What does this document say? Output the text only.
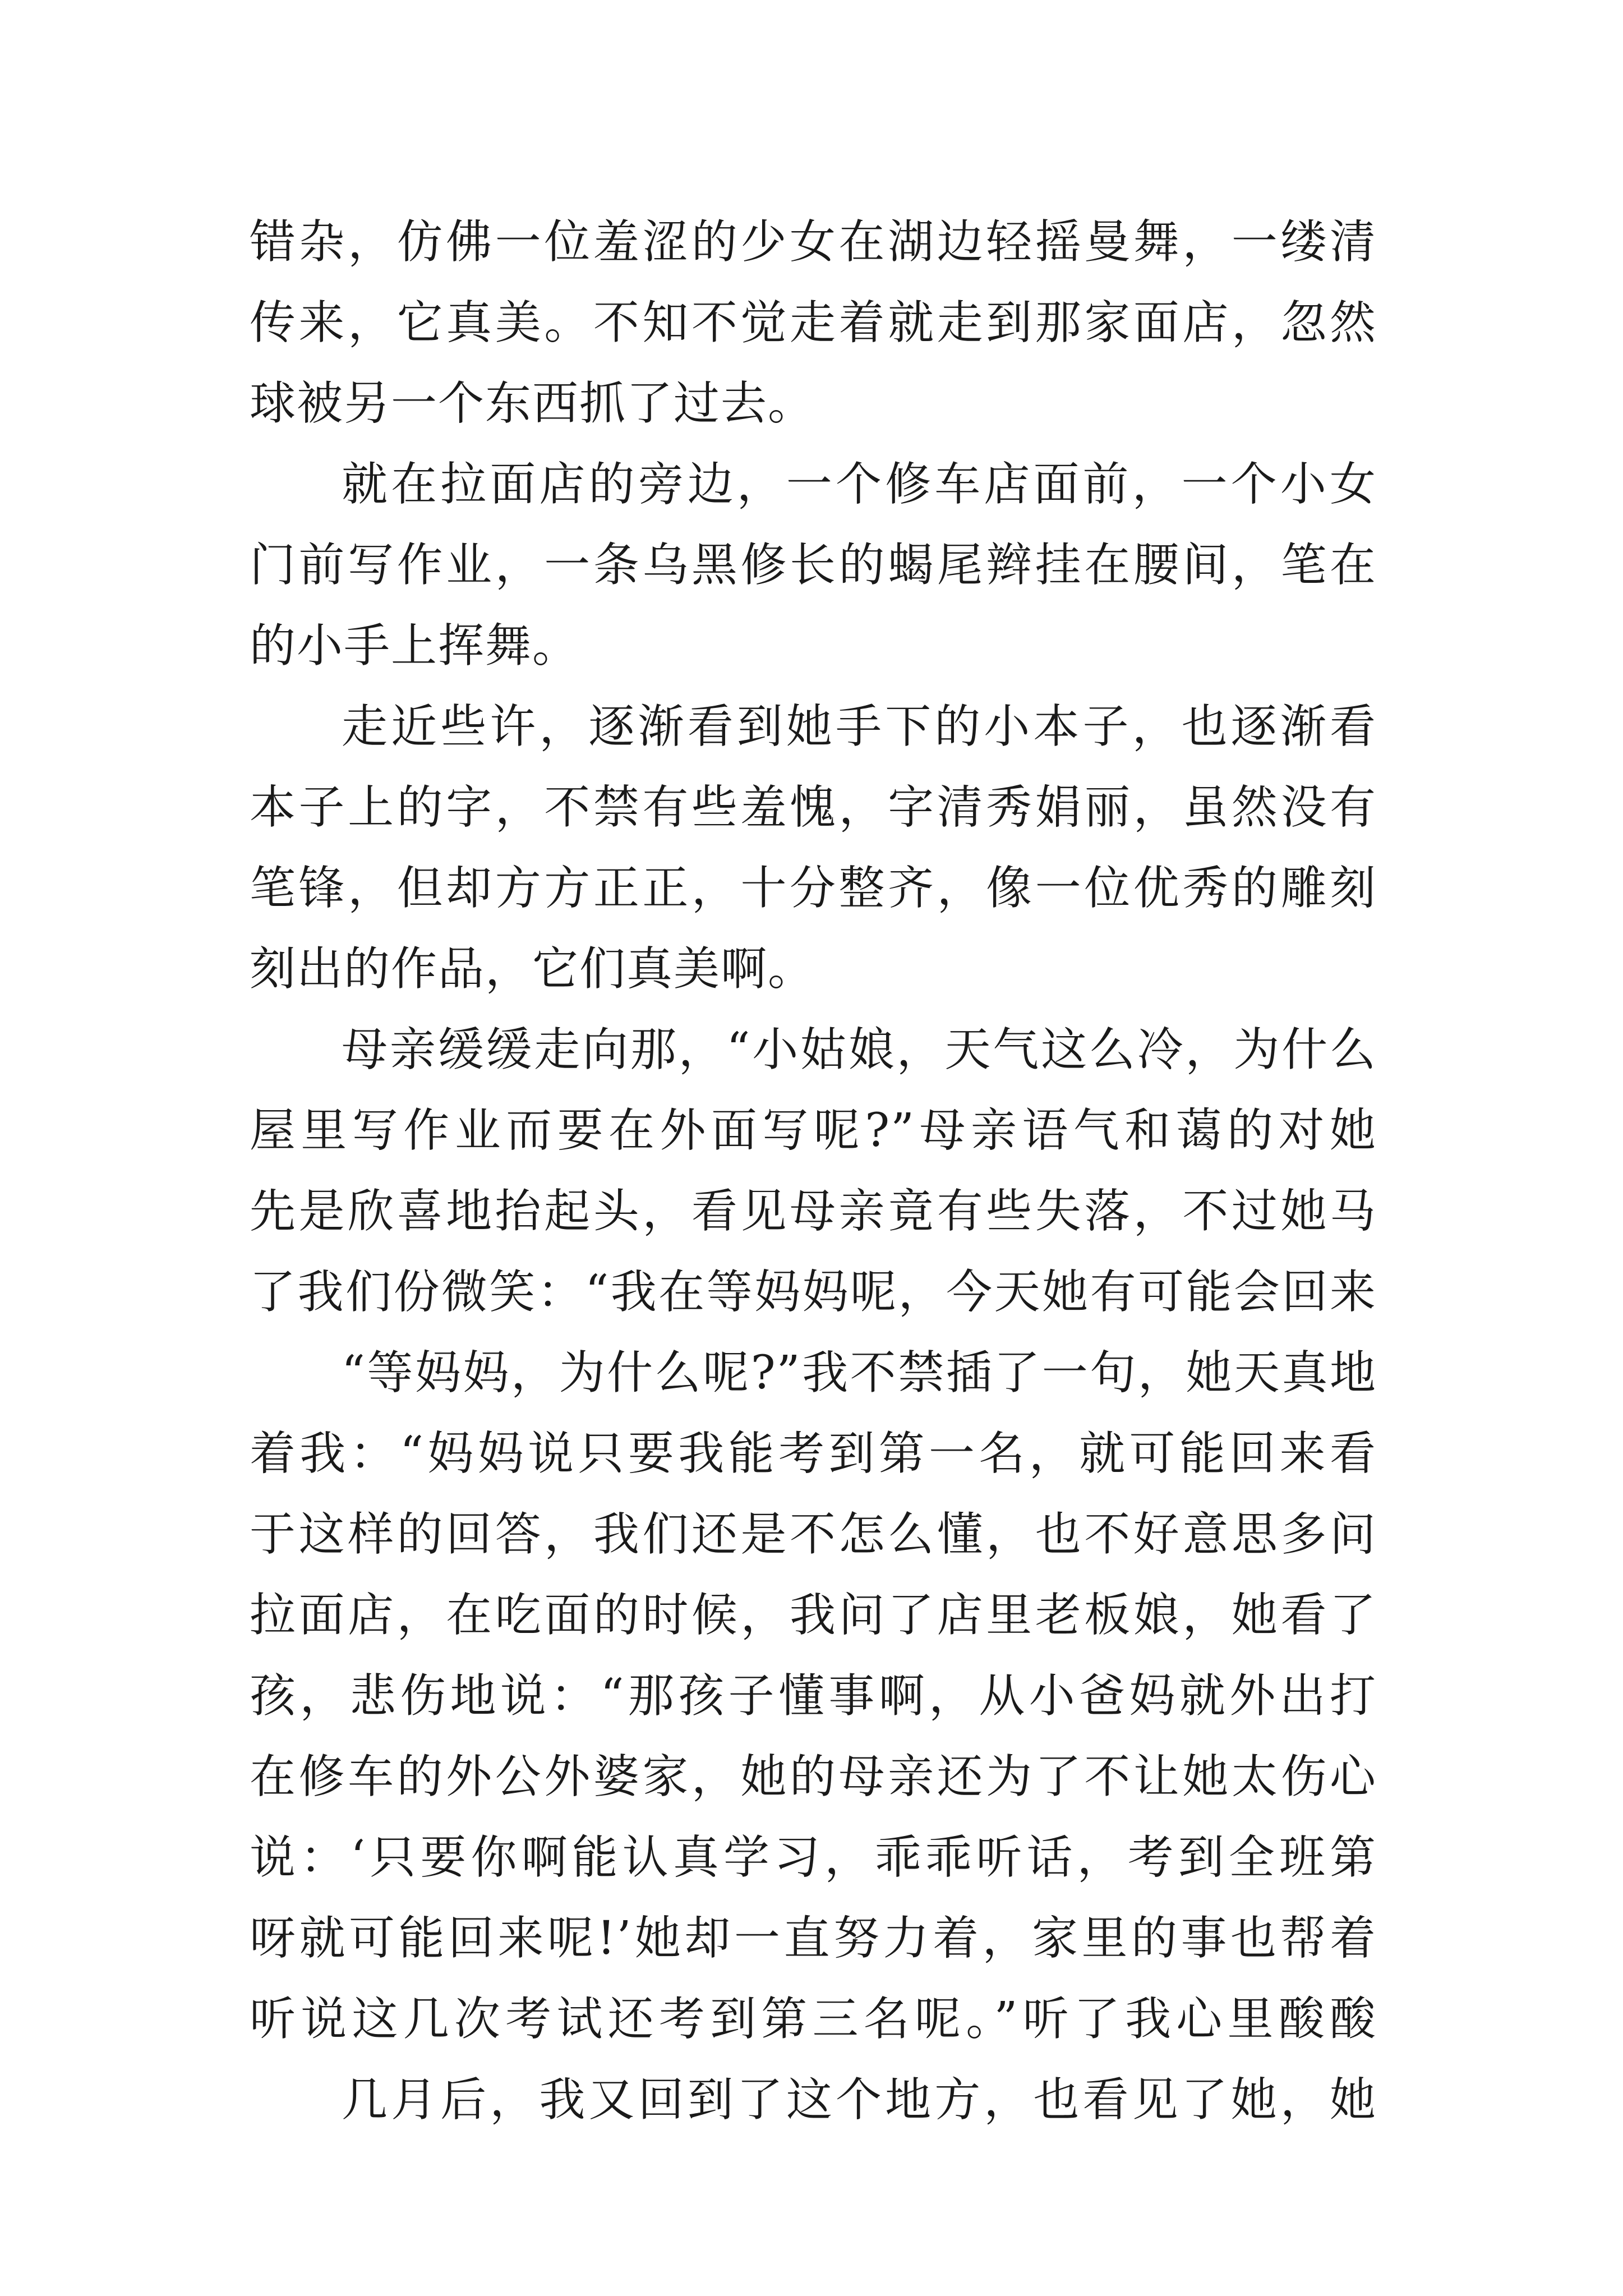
错杂，仿佛一位羞涩的少女在湖边轻摇曼舞，一缕清
传来，它真美。不知不觉走着就走到那家面店，忽然
球被另一个东西抓了过去。
就在拉面店的旁边，一个修车店面前，一个小女
门前写作业，一条乌黑修长的蝎尾辫挂在腰间，笔在
的小手上挥舞。
走近些许，逐渐看到她手下的小本子，也逐渐看
本子上的字，不禁有些羞愧，字清秀娟丽，虽然没有
笔锋，但却方方正正，十分整齐，像一位优秀的雕刻
刻出的作品，它们真美啊。
母亲缓缓走向那，“小姑娘，天气这么冷，为什么
屋里写作业而要在外面写呢?”母亲语气和蔼的对她
先是欣喜地抬起头，看见母亲竟有些失落，不过她马
了我们份微笑：“我在等妈妈呢，今天她有可能会回来
“等妈妈，为什么呢?”我不禁插了一句，她天真地
着我：“妈妈说只要我能考到第一名，就可能回来看
于这样的回答，我们还是不怎么懂，也不好意思多问
拉面店，在吃面的时候，我问了店里老板娘，她看了
孩，悲伤地说：“那孩子懂事啊，从小爸妈就外出打
在修车的外公外婆家，她的母亲还为了不让她太伤心
说：‘只要你啊能认真学习，乖乖听话，考到全班第
呀就可能回来呢!’她却一直努力着，家里的事也帮着
听说这几次考试还考到第三名呢。”听了我心里酸酸
几月后，我又回到了这个地方，也看见了她，她
